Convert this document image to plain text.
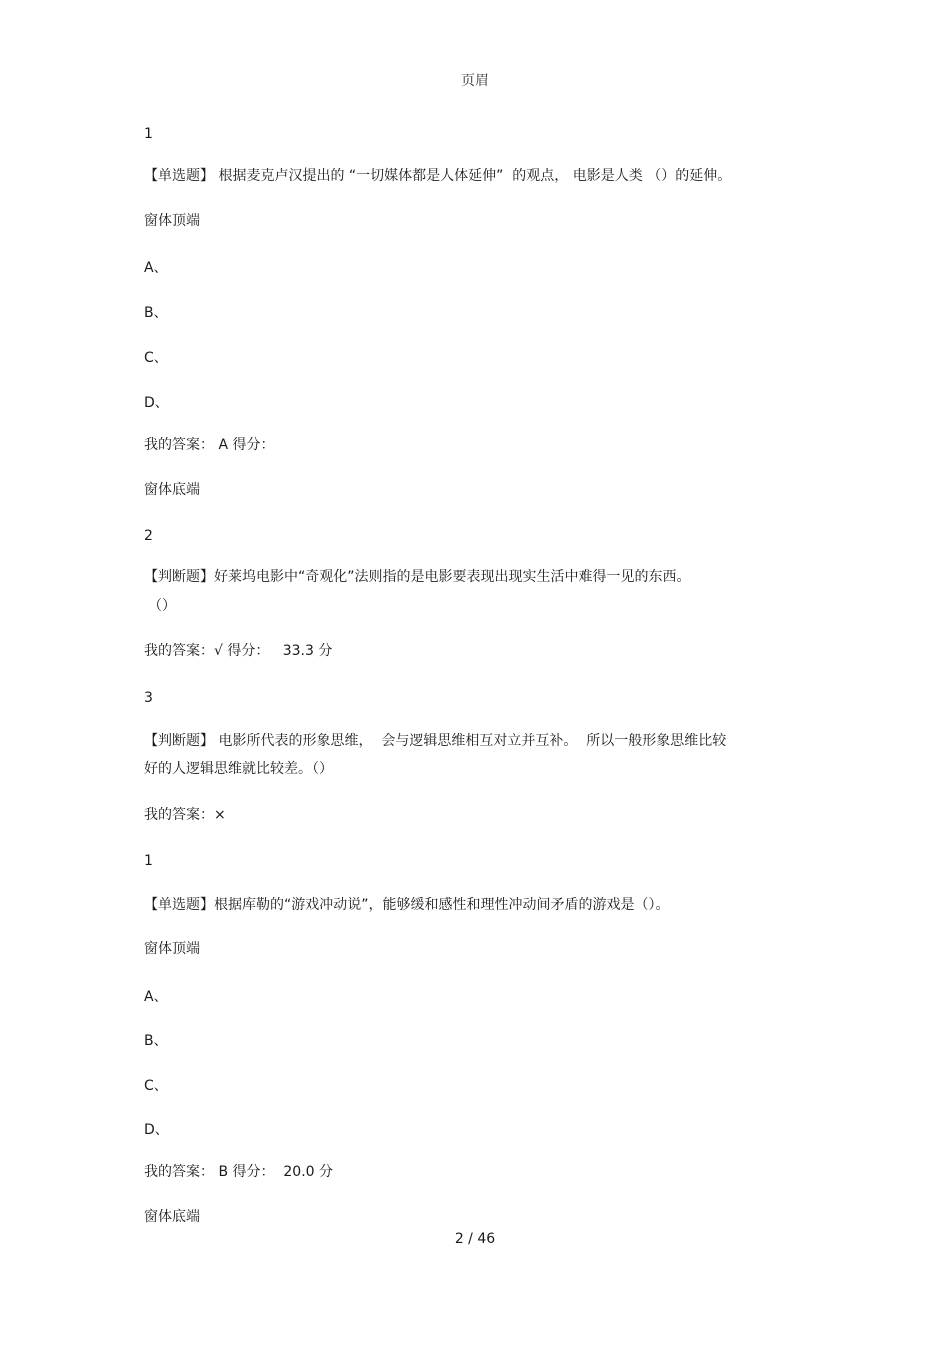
页眉
1
【单选题】 根据麦克卢汉提出的 “一切媒体都是人体延伸”  的观点， 电影是人类 （）的延伸。
窗体顶端
A、
B、
C、
D、
我的答案： A 得分：
窗体底端
2
【判断题】好莱坞电影中“奇观化”法则指的是电影要表现出现实生活中难得一见的东西。
（）
我的答案：√ 得分：   33.3 分
3
【判断题】 电影所代表的形象思维，  会与逻辑思维相互对立并互补。  所以一般形象思维比较
好的人逻辑思维就比较差。（）
我的答案：×
1
【单选题】根据库勒的“游戏冲动说”，能够缓和感性和理性冲动间矛盾的游戏是（）。
窗体顶端
A、
B、
C、
D、
我的答案： B 得分：  20.0 分
窗体底端
2 / 46
